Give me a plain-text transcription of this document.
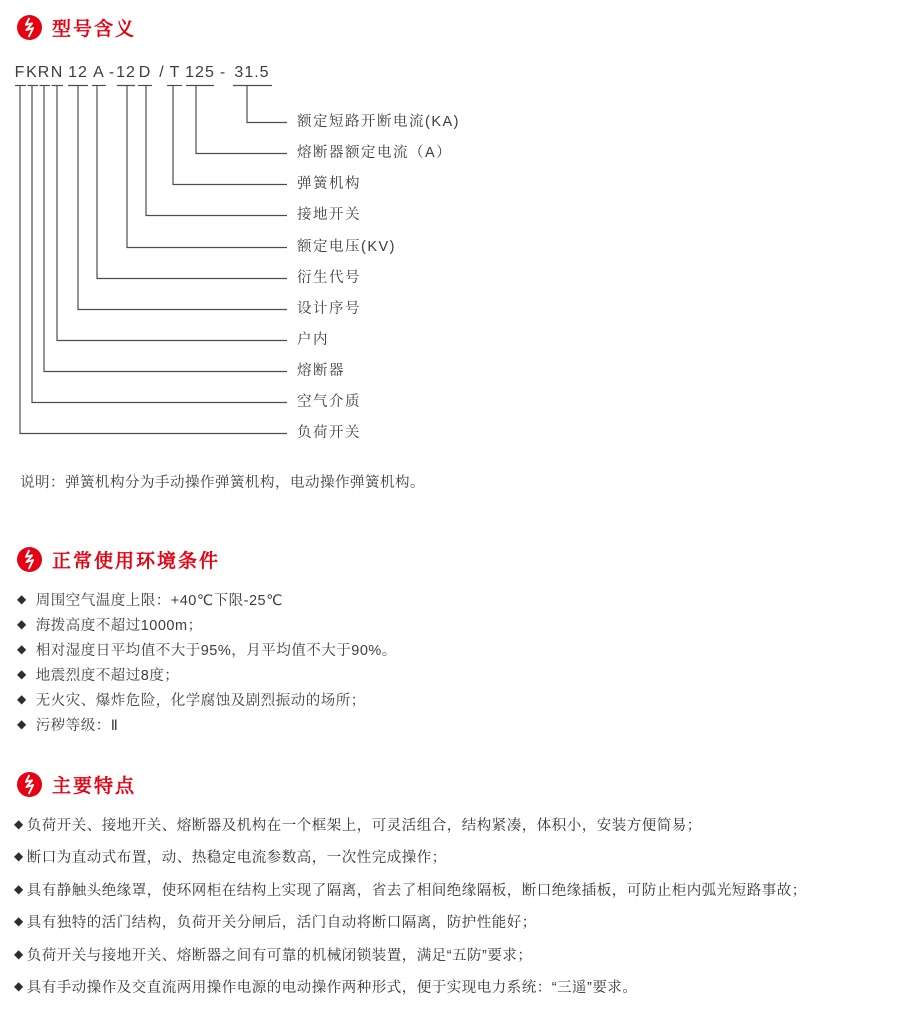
型号含义
F K R N 12 A - 12 D / T 125 - 31.5
额定短路开断电流(KA)
熔断器额定电流（A）
弹簧机构
接地开关
额定电压(KV)
衍生代号
设计序号
户内
熔断器
空气介质
负荷开关
说明：弹簧机构分为手动操作弹簧机构，电动操作弹簧机构。
正常使用环境条件
◆ 周围空气温度上限：+40℃下限-25℃
◆ 海拨高度不超过1000m；
◆ 相对湿度日平均值不大于95%，月平均值不大于90%。
◆ 地震烈度不超过8度；
◆ 无火灾、爆炸危险，化学腐蚀及剧烈振动的场所；
◆ 污秽等级：Ⅱ
主要特点
◆ 负荷开关、接地开关、熔断器及机构在一个框架上，可灵活组合，结构紧凑，体积小，安装方便简易；
◆ 断口为直动式布置，动、热稳定电流参数高，一次性完成操作；
◆ 具有静触头绝缘罩，使环网柜在结构上实现了隔离，省去了相间绝缘隔板，断口绝缘插板，可防止柜内弧光短路事故；
◆ 具有独特的活门结构，负荷开关分闸后，活门自动将断口隔离，防护性能好；
◆ 负荷开关与接地开关、熔断器之间有可靠的机械闭锁装置，满足“五防”要求；
◆ 具有手动操作及交直流两用操作电源的电动操作两种形式，便于实现电力系统：“三遥”要求。
